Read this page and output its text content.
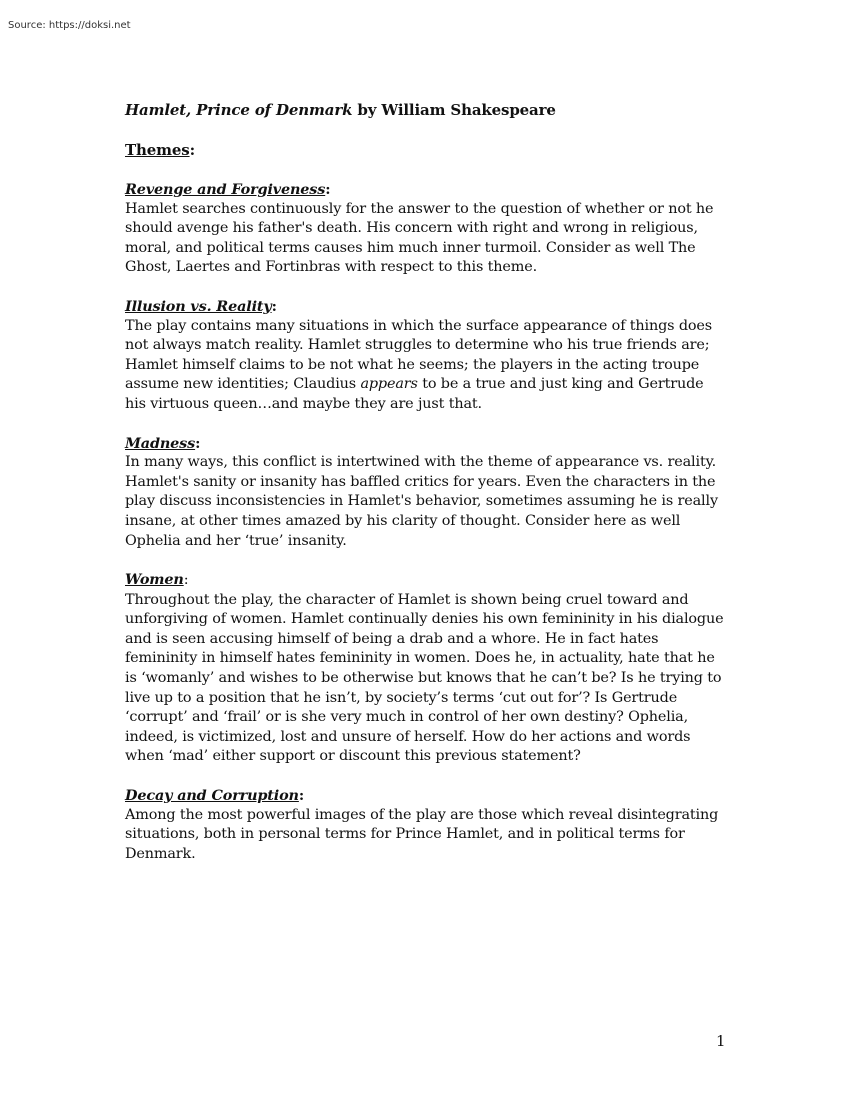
Source: https://doksi.net
Hamlet, Prince of Denmark by William Shakespeare
Themes:
Revenge and Forgiveness:
Hamlet searches continuously for the answer to the question of whether or not he should avenge his father's death. His concern with right and wrong in religious, moral, and political terms causes him much inner turmoil. Consider as well The Ghost, Laertes and Fortinbras with respect to this theme.
Illusion vs. Reality:
The play contains many situations in which the surface appearance of things does not always match reality. Hamlet struggles to determine who his true friends are; Hamlet himself claims to be not what he seems; the players in the acting troupe assume new identities; Claudius appears to be a true and just king and Gertrude his virtuous queen…and maybe they are just that.
Madness:
In many ways, this conflict is intertwined with the theme of appearance vs. reality. Hamlet's sanity or insanity has baffled critics for years. Even the characters in the play discuss inconsistencies in Hamlet's behavior, sometimes assuming he is really insane, at other times amazed by his clarity of thought. Consider here as well Ophelia and her ‘true’ insanity.
Women:
Throughout the play, the character of Hamlet is shown being cruel toward and unforgiving of women. Hamlet continually denies his own femininity in his dialogue and is seen accusing himself of being a drab and a whore. He in fact hates femininity in himself hates femininity in women. Does he, in actuality, hate that he is ‘womanly’ and wishes to be otherwise but knows that he can’t be? Is he trying to live up to a position that he isn’t, by society’s terms ‘cut out for’? Is Gertrude ‘corrupt’ and ‘frail’ or is she very much in control of her own destiny? Ophelia, indeed, is victimized, lost and unsure of herself. How do her actions and words when ‘mad’ either support or discount this previous statement?
Decay and Corruption:
Among the most powerful images of the play are those which reveal disintegrating situations, both in personal terms for Prince Hamlet, and in political terms for Denmark.
1
